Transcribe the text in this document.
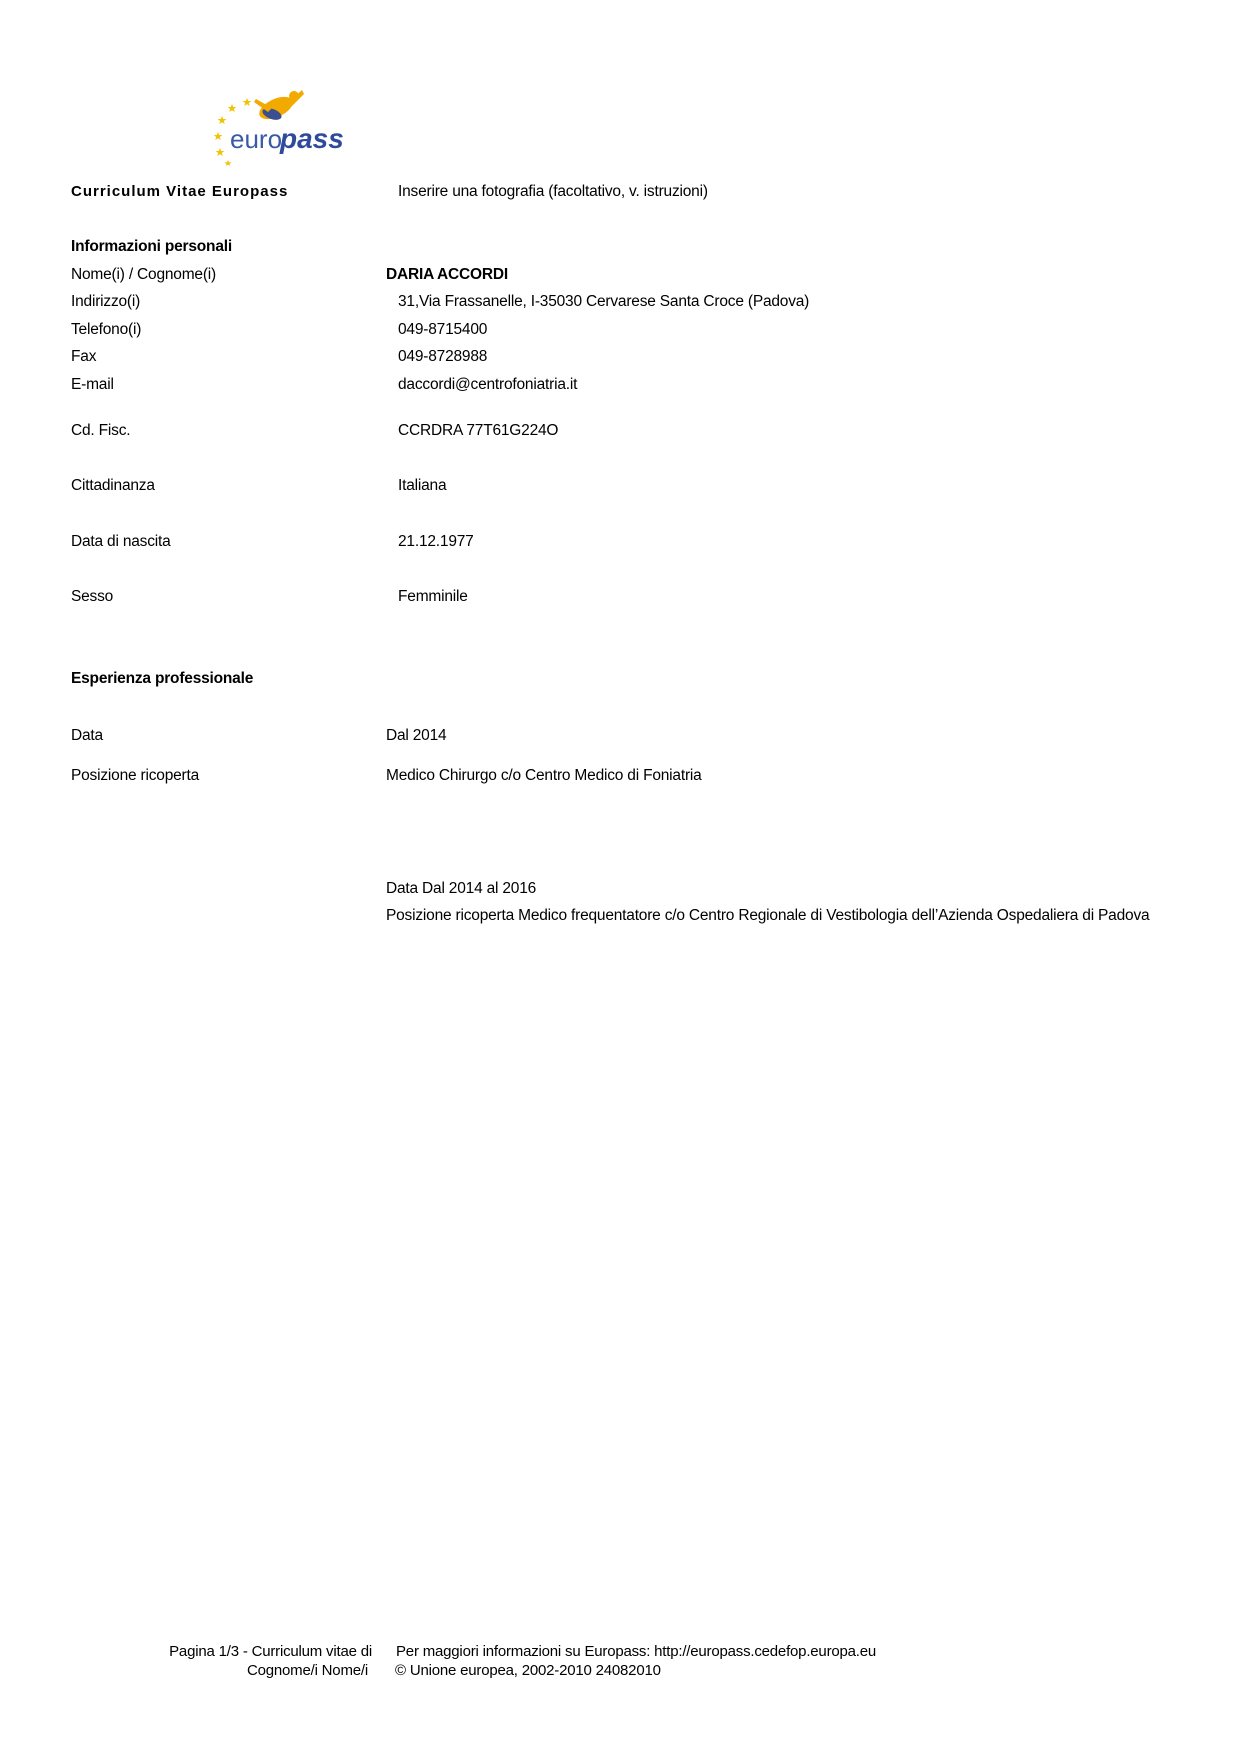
euro
pass
Curriculum Vitae Europass	Inserire una fotografia (facoltativo, v. istruzioni)
Informazioni personali
Nome(i) / Cognome(i)	DARIA ACCORDI
Indirizzo(i)	31,Via Frassanelle, I-35030 Cervarese Santa Croce (Padova)
Telefono(i)	049-8715400
Fax	049-8728988
E-mail	daccordi@centrofoniatria.it
Cd. Fisc.	CCRDRA 77T61G224O
Cittadinanza	Italiana
Data di nascita	21.12.1977
Sesso	Femminile
Esperienza professionale
Data	Dal 2014
Posizione ricoperta	Medico Chirurgo c/o Centro Medico di Foniatria
Data Dal 2014 al 2016
Posizione ricoperta Medico frequentatore c/o Centro Regionale di Vestibologia dell’Azienda Ospedaliera di Padova
Pagina 1/3 - Curriculum vitae di
Cognome/i Nome/i
Per maggiori informazioni su Europass: http://europass.cedefop.europa.eu
© Unione europea, 2002-2010 24082010
